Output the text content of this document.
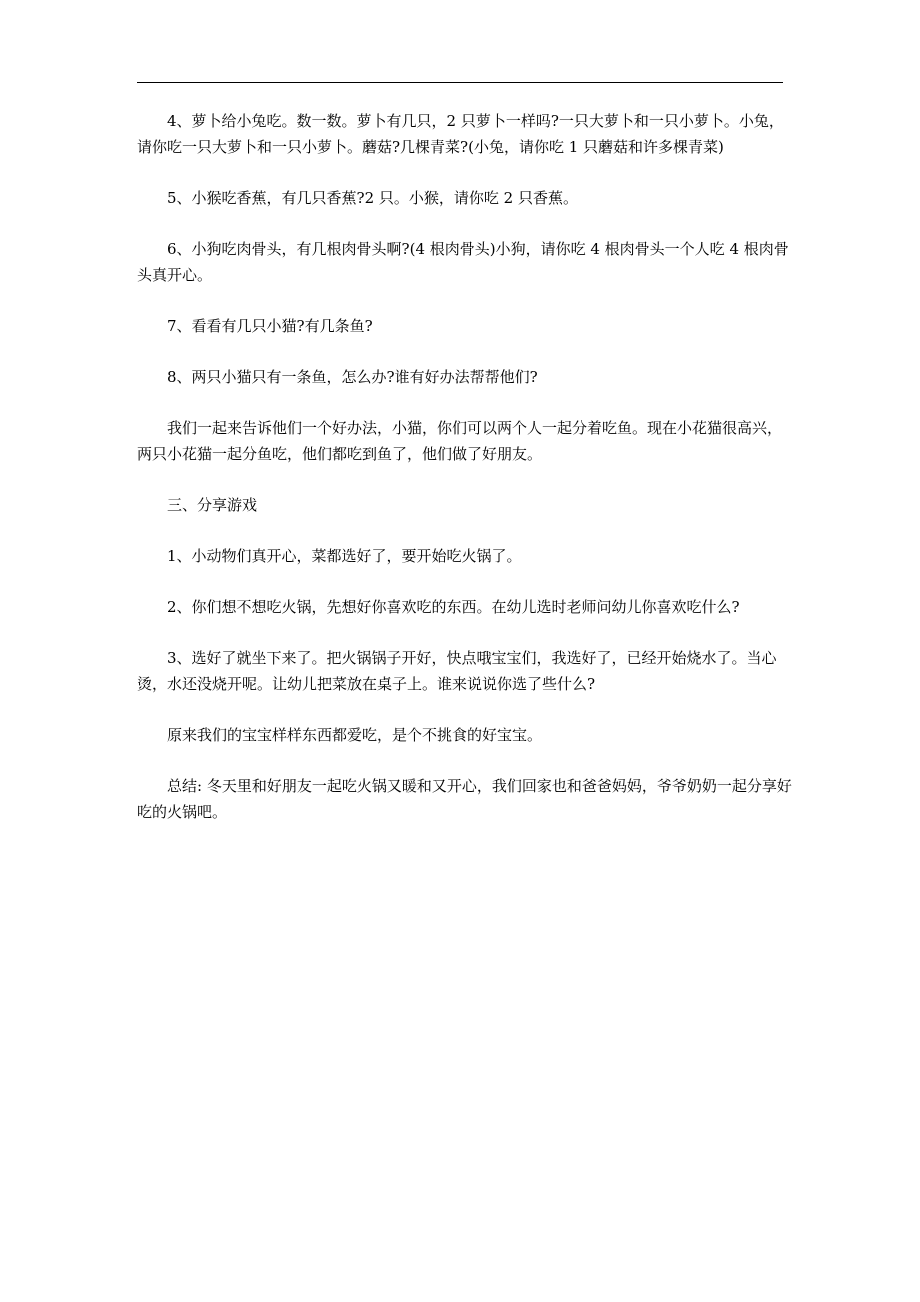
4、萝卜给小兔吃。数一数。萝卜有几只，2 只萝卜一样吗?一只大萝卜和一只小萝卜。小兔，请你吃一只大萝卜和一只小萝卜。蘑菇?几棵青菜?(小兔，请你吃 1 只蘑菇和许多棵青菜)

5、小猴吃香蕉，有几只香蕉?2 只。小猴，请你吃 2 只香蕉。

6、小狗吃肉骨头，有几根肉骨头啊?(4 根肉骨头)小狗，请你吃 4 根肉骨头一个人吃 4 根肉骨头真开心。

7、看看有几只小猫?有几条鱼?

8、两只小猫只有一条鱼，怎么办?谁有好办法帮帮他们?

我们一起来告诉他们一个好办法，小猫，你们可以两个人一起分着吃鱼。现在小花猫很高兴，两只小花猫一起分鱼吃，他们都吃到鱼了，他们做了好朋友。

三、分享游戏

1、小动物们真开心，菜都选好了，要开始吃火锅了。

2、你们想不想吃火锅，先想好你喜欢吃的东西。在幼儿选时老师问幼儿你喜欢吃什么?

3、选好了就坐下来了。把火锅锅子开好，快点哦宝宝们，我选好了，已经开始烧水了。当心烫，水还没烧开呢。让幼儿把菜放在桌子上。谁来说说你选了些什么?

原来我们的宝宝样样东西都爱吃，是个不挑食的好宝宝。

总结: 冬天里和好朋友一起吃火锅又暖和又开心，我们回家也和爸爸妈妈，爷爷奶奶一起分享好吃的火锅吧。
